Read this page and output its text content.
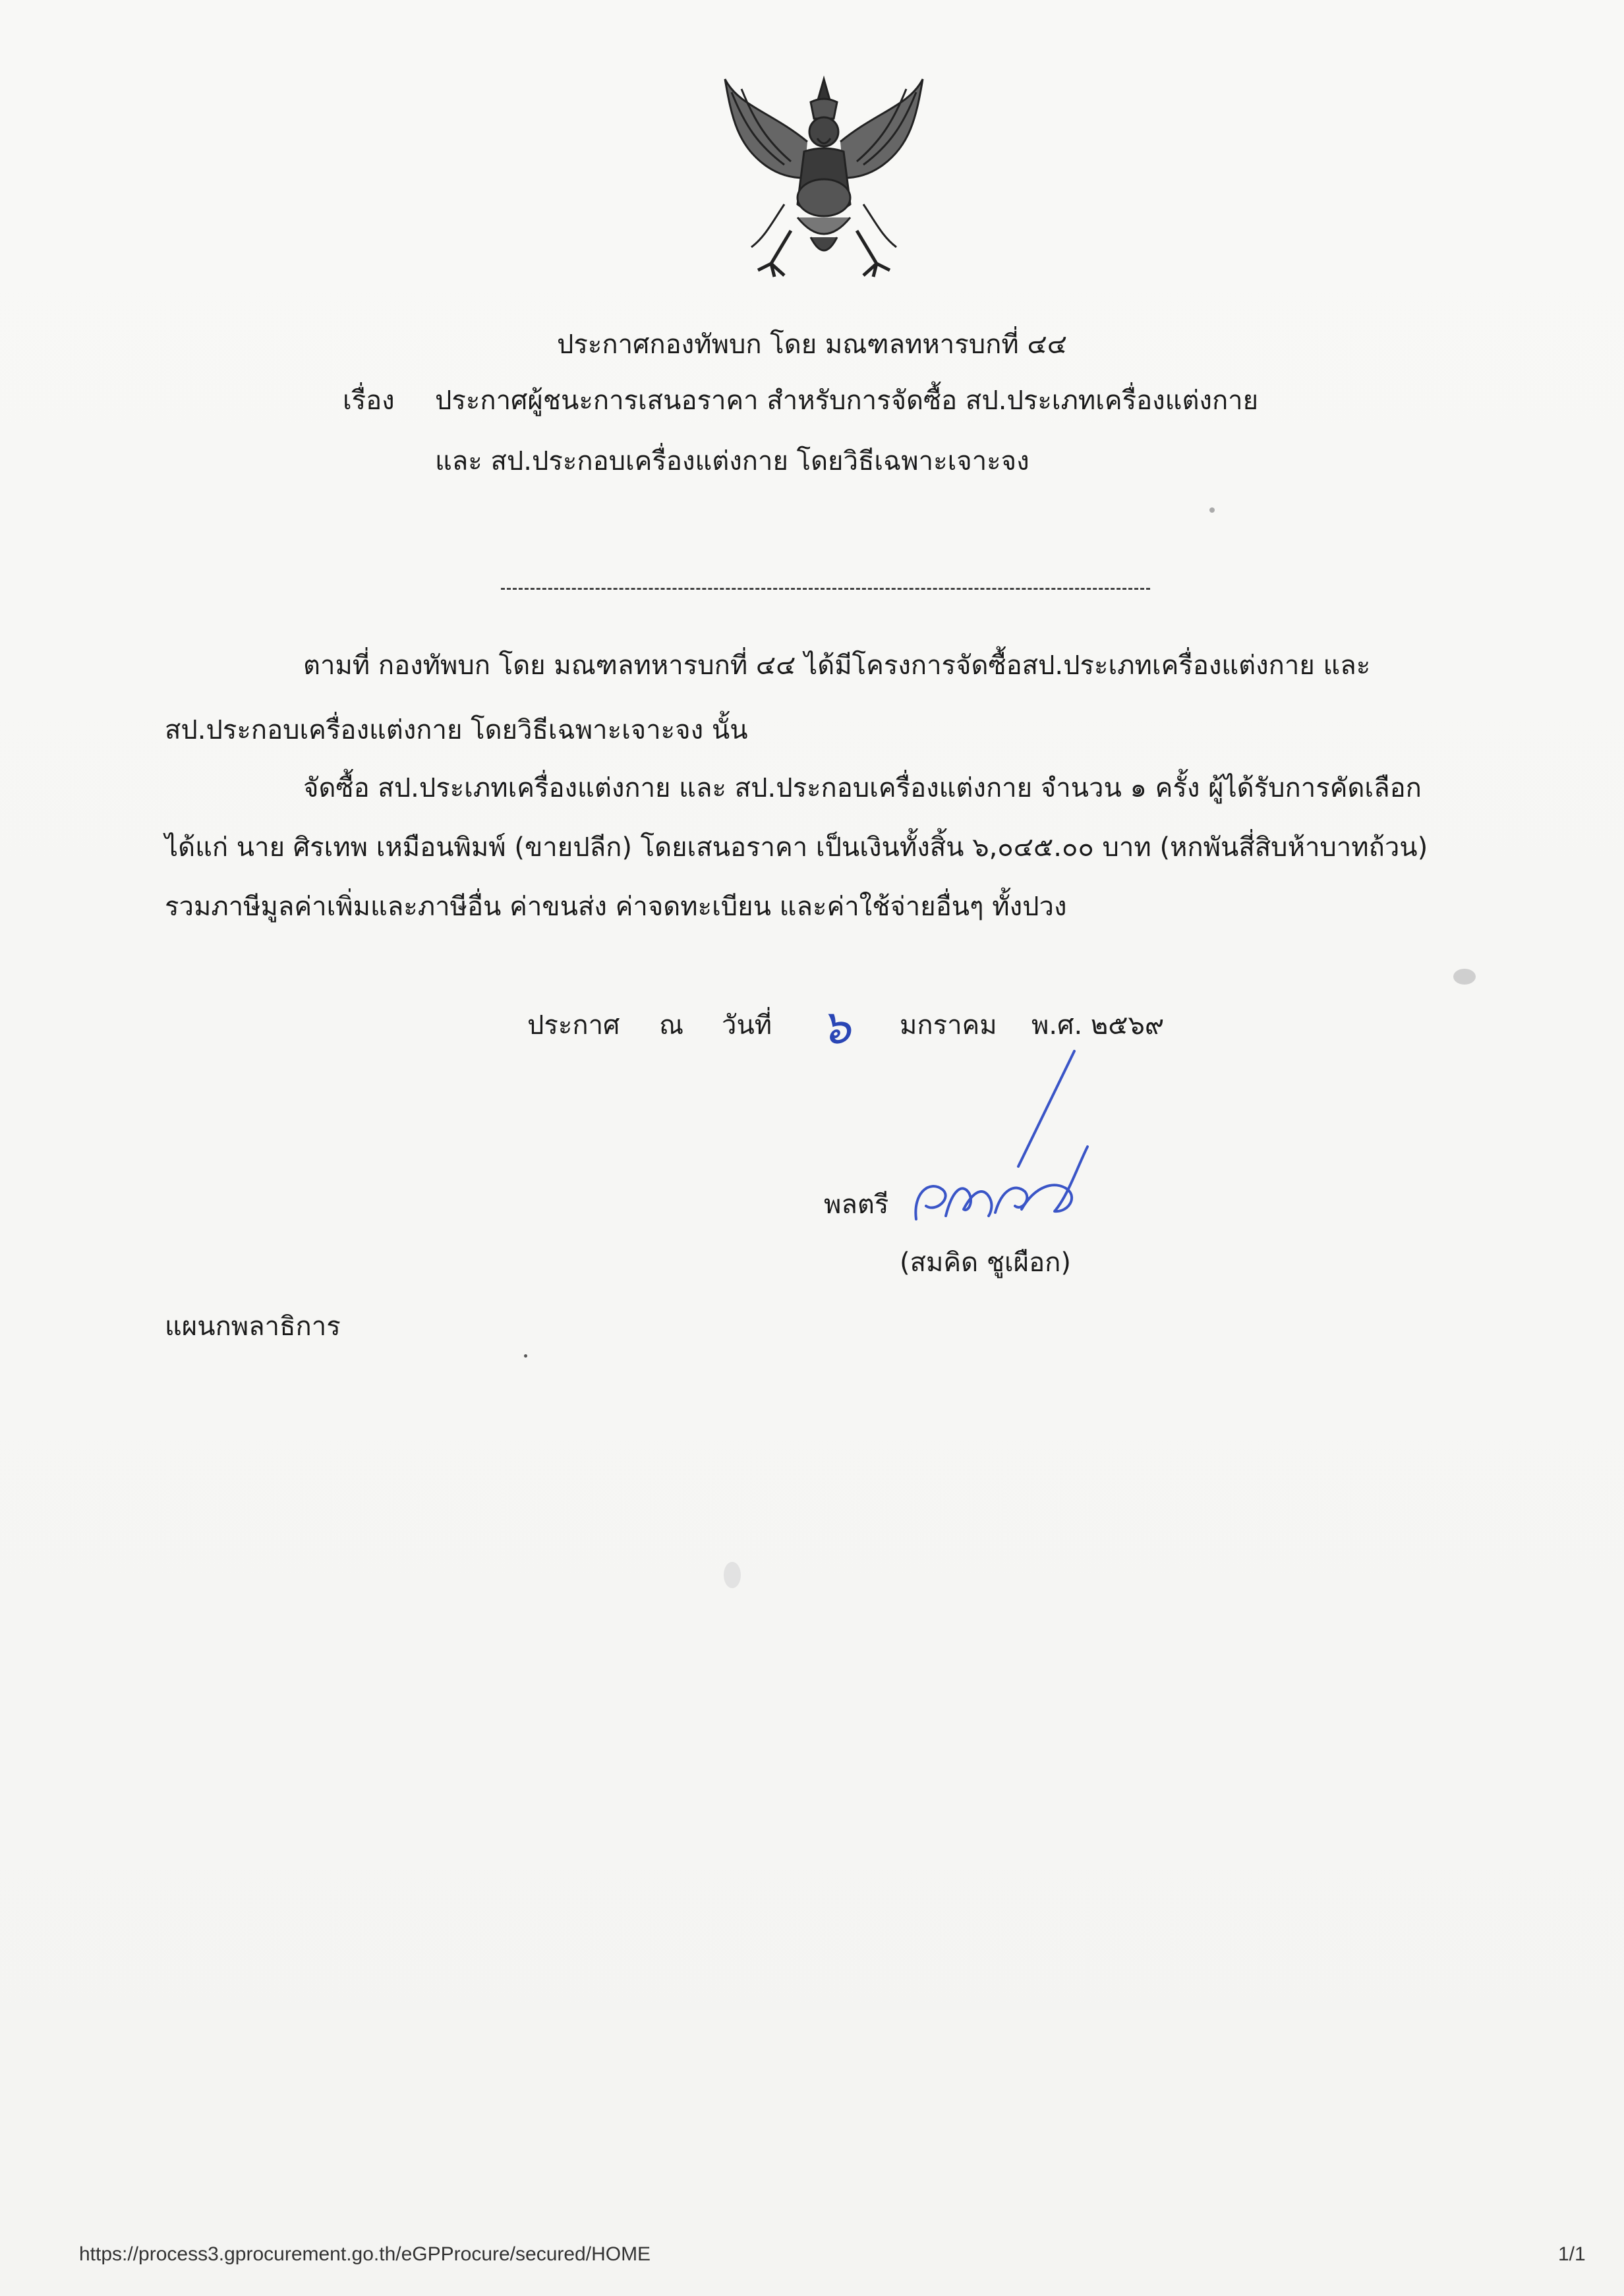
ประกาศกองทัพบก โดย มณฑลทหารบกที่ ๔๔
เรื่อง ประกาศผู้ชนะการเสนอราคา สำหรับการจัดซื้อ สป.ประเภทเครื่องแต่งกาย
และ สป.ประกอบเครื่องแต่งกาย โดยวิธีเฉพาะเจาะจง
ตามที่ กองทัพบก โดย มณฑลทหารบกที่ ๔๔ ได้มีโครงการจัดซื้อสป.ประเภทเครื่องแต่งกาย และ
สป.ประกอบเครื่องแต่งกาย โดยวิธีเฉพาะเจาะจง นั้น
จัดซื้อ สป.ประเภทเครื่องแต่งกาย และ สป.ประกอบเครื่องแต่งกาย จำนวน ๑ ครั้ง ผู้ได้รับการคัดเลือก
ได้แก่ นาย ศิรเทพ เหมือนพิมพ์ (ขายปลีก) โดยเสนอราคา เป็นเงินทั้งสิ้น ๖,๐๔๕.๐๐ บาท (หกพันสี่สิบห้าบาทถ้วน)
รวมภาษีมูลค่าเพิ่มและภาษีอื่น ค่าขนส่ง ค่าจดทะเบียน และค่าใช้จ่ายอื่นๆ ทั้งปวง
ประกาศ ณ วันที่ ๖ มกราคม พ.ศ. ๒๕๖๙
พลตรี
(สมคิด ชูเผือก)
แผนกพลาธิการ
https://process3.gprocurement.go.th/eGPProcure/secured/HOME	1/1
